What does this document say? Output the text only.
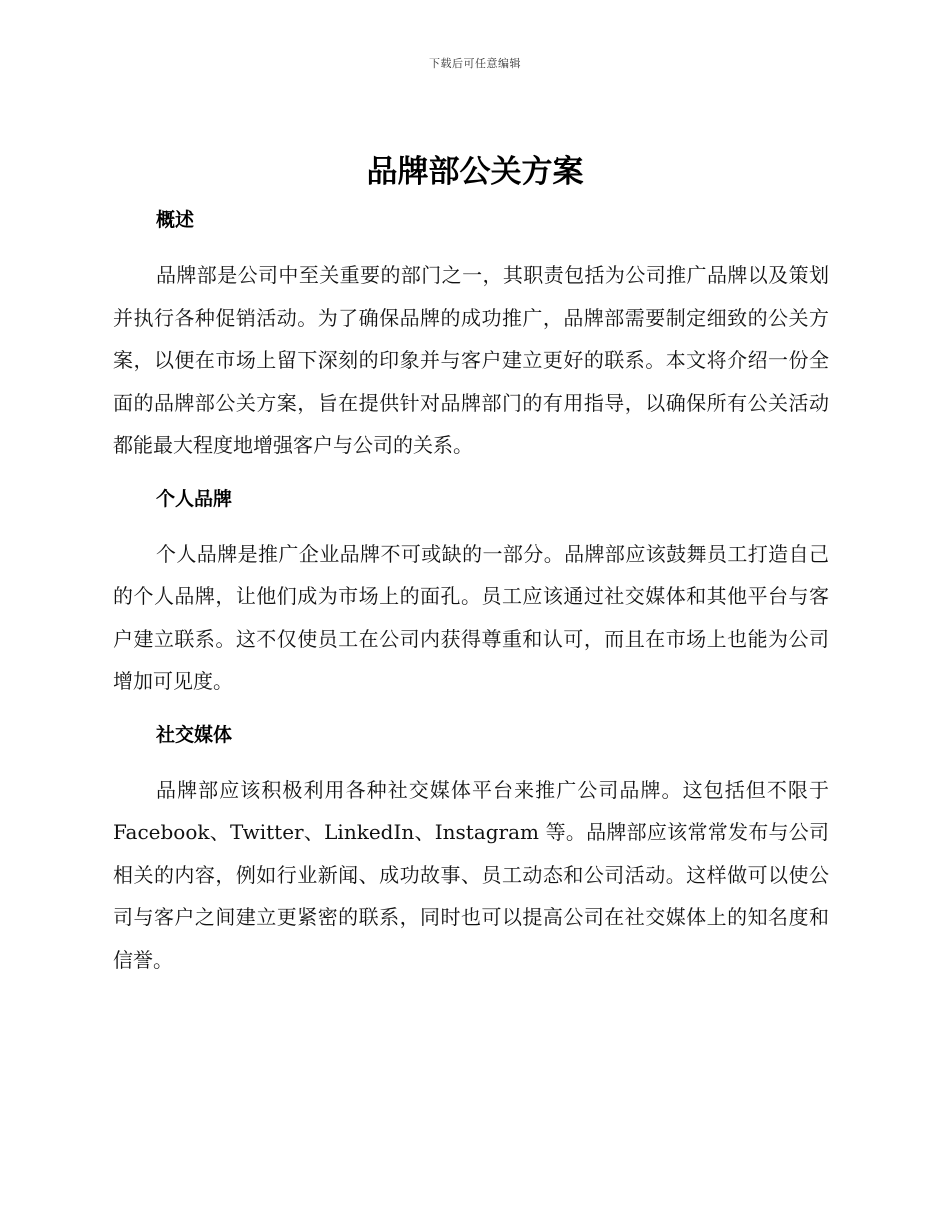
下载后可任意编辑
品牌部公关方案
概述

品牌部是公司中至关重要的部门之一，其职责包括为公司推广品牌以及策划并执行各种促销活动。为了确保品牌的成功推广，品牌部需要制定细致的公关方案，以便在市场上留下深刻的印象并与客户建立更好的联系。本文将介绍一份全面的品牌部公关方案，旨在提供针对品牌部门的有用指导，以确保所有公关活动都能最大程度地增强客户与公司的关系。

个人品牌

个人品牌是推广企业品牌不可或缺的一部分。品牌部应该鼓舞员工打造自己的个人品牌，让他们成为市场上的面孔。员工应该通过社交媒体和其他平台与客户建立联系。这不仅使员工在公司内获得尊重和认可，而且在市场上也能为公司增加可见度。

社交媒体

品牌部应该积极利用各种社交媒体平台来推广公司品牌。这包括但不限于 Facebook、Twitter、LinkedIn、Instagram 等。品牌部应该常常发布与公司相关的内容，例如行业新闻、成功故事、员工动态和公司活动。这样做可以使公司与客户之间建立更紧密的联系，同时也可以提高公司在社交媒体上的知名度和信誉。
